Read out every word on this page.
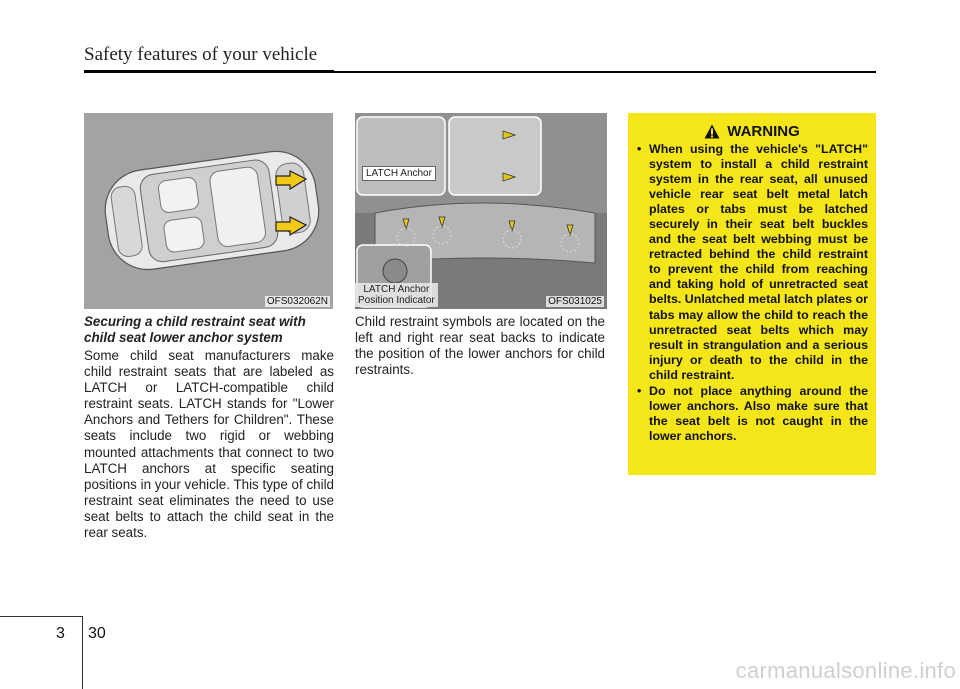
Safety features of your vehicle
OFS032062N
LATCH Anchor
LATCH Anchor
Position Indicator	OFS031025
Securing a child restraint seat with child seat lower anchor system
Some child seat manufacturers make child restraint seats that are labeled as LATCH or LATCH-compatible child restraint seats. LATCH stands for "Lower Anchors and Tethers for Children". These seats include two rigid or webbing mounted attachments that connect to two LATCH anchors at specific seating positions in your vehicle. This type of child restraint seat eliminates the need to use seat belts to attach the child seat in the rear seats.
Child restraint symbols are located on the left and right rear seat backs to indicate the position of the lower anchors for child restraints.
WARNING
• When using the vehicle's "LATCH" system to install a child restraint system in the rear seat, all unused vehicle rear seat belt metal latch plates or tabs must be latched securely in their seat belt buckles and the seat belt webbing must be retracted behind the child restraint to prevent the child from reaching and taking hold of unretracted seat belts. Unlatched metal latch plates or tabs may allow the child to reach the unretracted seat belts which may result in strangulation and a serious injury or death to the child in the child restraint.
• Do not place anything around the lower anchors. Also make sure that the seat belt is not caught in the lower anchors.
3 30
carmanualsonline.info
